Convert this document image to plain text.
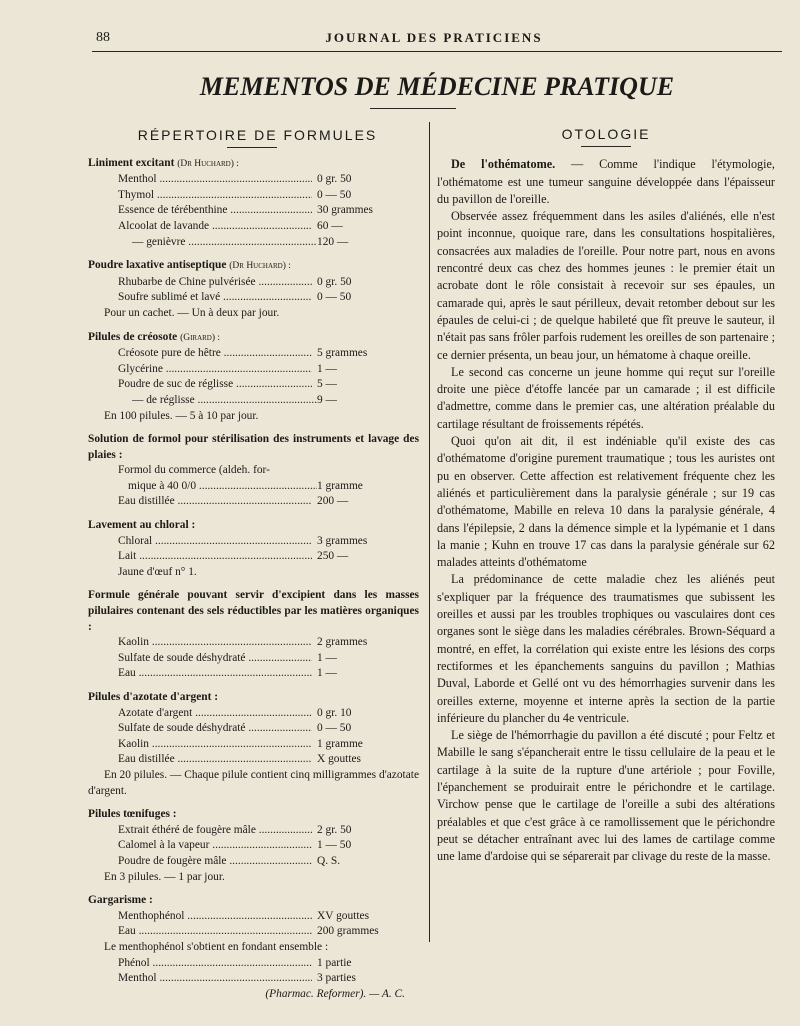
88	JOURNAL DES PRATICIENS
MEMENTOS DE MÉDECINE PRATIQUE
RÉPERTOIRE DE FORMULES
Liniment excitant (Dr Huchard) :
Menthol .....	0 gr. 50
Thymol .....	0 — 50
Essence de térébenthine .....	30 grammes
Alcoolat de lavande .....	60 —
— genièvre .....	120 —
Poudre laxative antiseptique (Dr Huchard) :
Rhubarbe de Chine pulvérisée .....	0 gr. 50
Soufre sublimé et lavé .....	0 — 50
Pour un cachet. — Un à deux par jour.
Pilules de créosote (Girard) :
Créosote pure de hêtre .....	5 grammes
Glycérine .....	1 —
Poudre de suc de réglisse .....	5 —
— de réglisse .....	9 —
En 100 pilules. — 5 à 10 par jour.
Solution de formol pour stérilisation des instruments et lavage des plaies :
Formol du commerce (aldeh. for-
mique à 40 0/0 .....	1 gramme
Eau distillée .....	200 —
Lavement au chloral :
Chloral .....	3 grammes
Lait .....	250 —
Jaune d'œuf n° 1.
Formule générale pouvant servir d'excipient dans les masses pilulaires contenant des sels réductibles par les matières organiques :
Kaolin .....	2 grammes
Sulfate de soude déshydraté .....	1 —
Eau .....	1 —
Pilules d'azotate d'argent :
Azotate d'argent .....	0 gr. 10
Sulfate de soude déshydraté .....	0 — 50
Kaolin .....	1 gramme
Eau distillée .....	X gouttes
En 20 pilules. — Chaque pilule contient cinq milligrammes d'azotate d'argent.
Pilules tœnifuges :
Extrait éthéré de fougère mâle .....	2 gr. 50
Calomel à la vapeur .....	1 — 50
Poudre de fougère mâle .....	Q. S.
En 3 pilules. — 1 par jour.
Gargarisme :
Menthophénol .....	XV gouttes
Eau .....	200 grammes
Le menthophénol s'obtient en fondant ensemble :
Phénol .....	1 partie
Menthol .....	3 parties
(Pharmac. Reformer). — A. C.
OTOLOGIE

De l'othématome. — Comme l'indique l'étymologie, l'othématome est une tumeur sanguine développée dans l'épaisseur du pavillon de l'oreille.

Observée assez fréquemment dans les asiles d'aliénés, elle n'est point inconnue, quoique rare, dans les consultations hospitalières, consacrées aux maladies de l'oreille. Pour notre part, nous en avons rencontré deux cas chez des hommes jeunes : le premier était un acrobate dont le rôle consistait à recevoir sur ses épaules, un camarade qui, après le saut périlleux, devait retomber debout sur les épaules de celui-ci ; de quelque habileté que fît preuve le sauteur, il n'était pas sans frôler parfois rudement les oreilles de son partenaire ; ce dernier présenta, un beau jour, un hématome à chaque oreille.

Le second cas concerne un jeune homme qui reçut sur l'oreille droite une pièce d'étoffe lancée par un camarade ; il est difficile d'admettre, comme dans le premier cas, une altération préalable du cartilage résultant de froissements répétés.

Quoi qu'on ait dit, il est indéniable qu'il existe des cas d'othématome d'origine purement traumatique ; tous les auristes ont pu en observer. Cette affection est relativement fréquente chez les aliénés et particulièrement dans la paralysie générale ; sur 19 cas d'othématome, Mabille en releva 10 dans la paralysie générale, 4 dans l'épilepsie, 2 dans la démence simple et la lypémanie et 1 dans la manie ; Kuhn en trouve 17 cas dans la paralysie générale sur 62 malades atteints d'othématome

La prédominance de cette maladie chez les aliénés peut s'expliquer par la fréquence des traumatismes que subissent les oreilles et aussi par les troubles trophiques ou vasculaires dont ces organes sont le siège dans les maladies cérébrales. Brown-Séquard a montré, en effet, la corrélation qui existe entre les lésions des corps rectiformes et les épanchements sanguins du pavillon ; Mathias Duval, Laborde et Gellé ont vu des hémorrhagies survenir dans les oreilles externe, moyenne et interne après la section de la partie inférieure du plancher du 4e ventricule.

Le siège de l'hémorrhagie du pavillon a été discuté ; pour Feltz et Mabille le sang s'épancherait entre le tissu cellulaire de la peau et le cartilage à la suite de la rupture d'une artériole ; pour Foville, l'épanchement se produirait entre le périchondre et le cartilage. Virchow pense que le cartilage de l'oreille a subi des altérations préalables et que c'est grâce à ce ramollissement que le périchondre peut se détacher entraînant avec lui des lames de cartilage comme une lame d'ardoise qui se séparerait par clivage du reste de la masse.
